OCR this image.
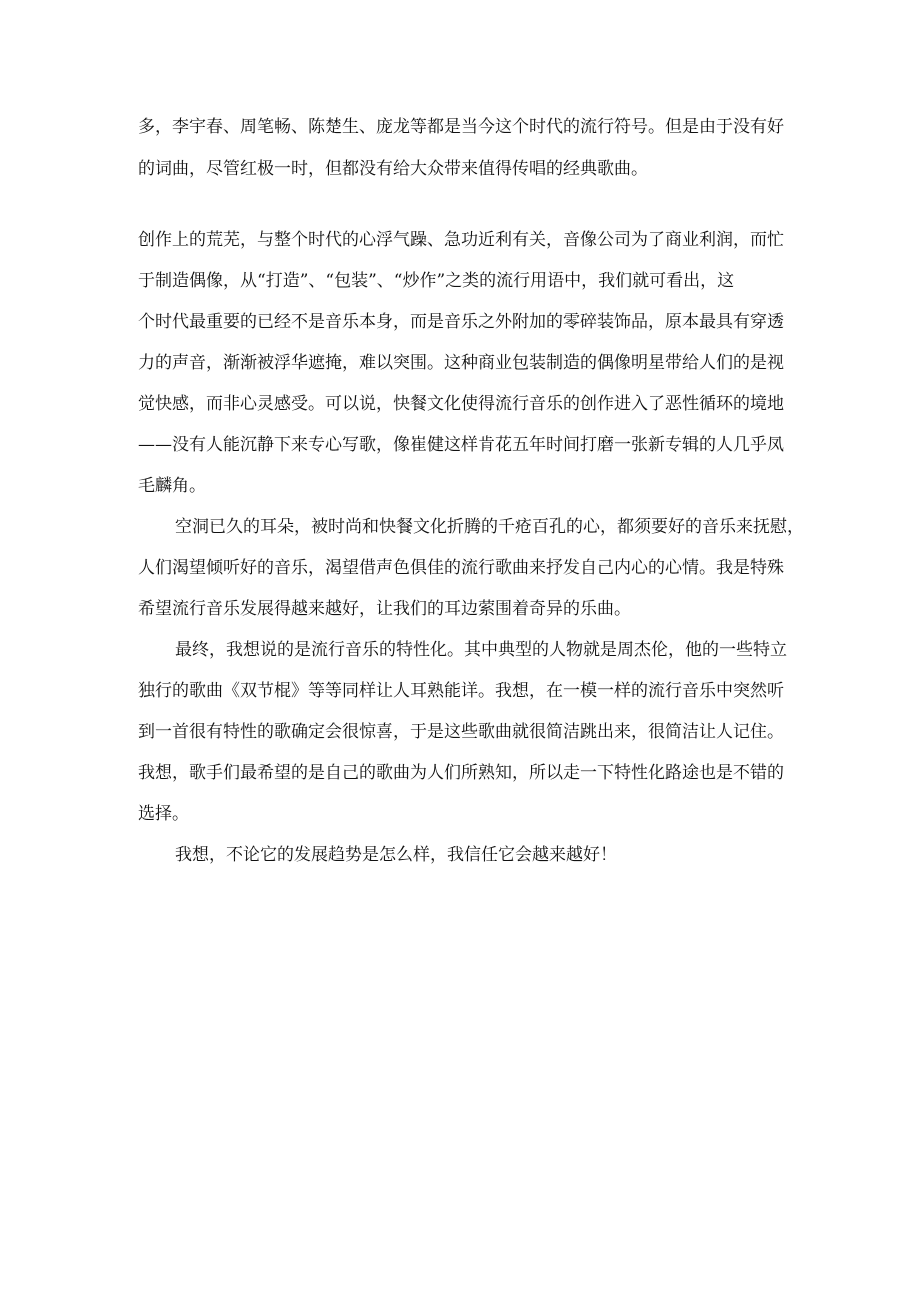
多，李宇春、周笔畅、陈楚生、庞龙等都是当今这个时代的流行符号。但是由于没有好

的词曲，尽管红极一时，但都没有给大众带来值得传唱的经典歌曲。

创作上的荒芜，与整个时代的心浮气躁、急功近利有关，音像公司为了商业利润，而忙

于制造偶像，从“打造”、“包装”、“炒作”之类的流行用语中，我们就可看出，这

个时代最重要的已经不是音乐本身，而是音乐之外附加的零碎装饰品，原本最具有穿透

力的声音，渐渐被浮华遮掩，难以突围。这种商业包装制造的偶像明星带给人们的是视

觉快感，而非心灵感受。可以说，快餐文化使得流行音乐的创作进入了恶性循环的境地

——没有人能沉静下来专心写歌，像崔健这样肯花五年时间打磨一张新专辑的人几乎凤

毛麟角。

空洞已久的耳朵，被时尚和快餐文化折腾的千疮百孔的心，都须要好的音乐来抚慰，

人们渴望倾听好的音乐，渴望借声色俱佳的流行歌曲来抒发自己内心的心情。我是特殊

希望流行音乐发展得越来越好，让我们的耳边萦围着奇异的乐曲。

最终，我想说的是流行音乐的特性化。其中典型的人物就是周杰伦，他的一些特立

独行的歌曲《双节棍》等等同样让人耳熟能详。我想，在一模一样的流行音乐中突然听

到一首很有特性的歌确定会很惊喜，于是这些歌曲就很简洁跳出来，很简洁让人记住。

我想，歌手们最希望的是自己的歌曲为人们所熟知，所以走一下特性化路途也是不错的

选择。

我想，不论它的发展趋势是怎么样，我信任它会越来越好！
